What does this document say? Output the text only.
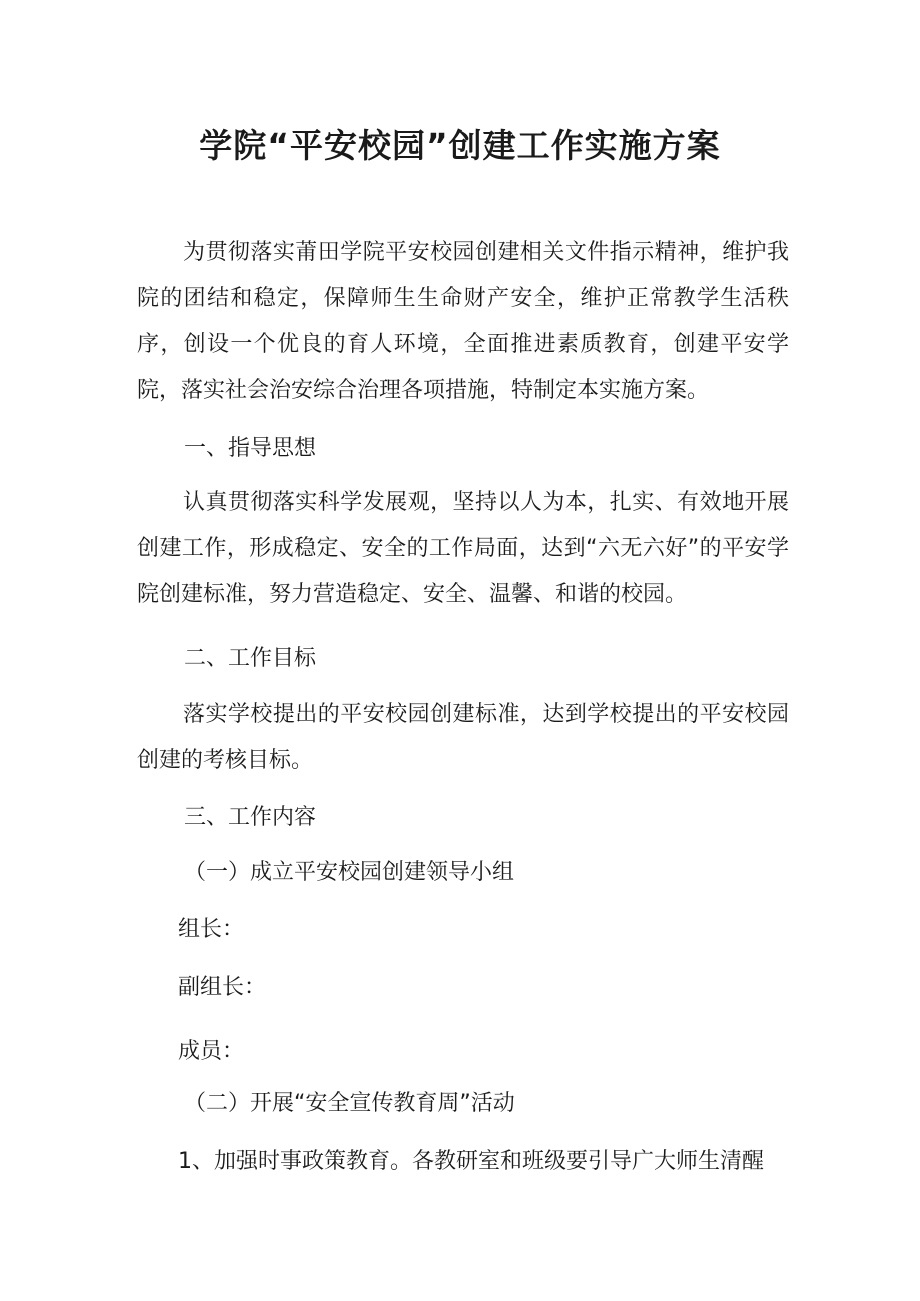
学院“平安校园”创建工作实施方案

为贯彻落实莆田学院平安校园创建相关文件指示精神，维护我院的团结和稳定，保障师生生命财产安全，维护正常教学生活秩序，创设一个优良的育人环境，全面推进素质教育，创建平安学院，落实社会治安综合治理各项措施，特制定本实施方案。

一、指导思想

认真贯彻落实科学发展观，坚持以人为本，扎实、有效地开展创建工作，形成稳定、安全的工作局面，达到“六无六好”的平安学院创建标准，努力营造稳定、安全、温馨、和谐的校园。

二、工作目标

落实学校提出的平安校园创建标准，达到学校提出的平安校园创建的考核目标。

三、工作内容

（一）成立平安校园创建领导小组

组长：

副组长：

成员：

（二）开展“安全宣传教育周”活动

1、加强时事政策教育。各教研室和班级要引导广大师生清醒
